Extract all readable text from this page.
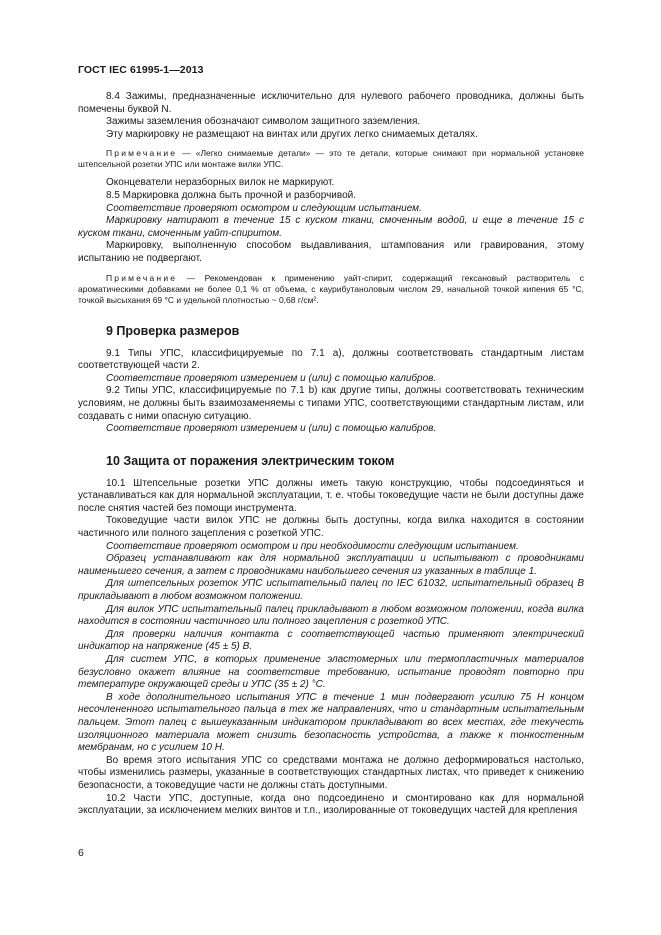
ГОСТ IEC 61995-1—2013

8.4 Зажимы, предназначенные исключительно для нулевого рабочего проводника, должны быть помечены буквой N.

Зажимы заземления обозначают символом защитного заземления.

Эту маркировку не размещают на винтах или других легко снимаемых деталях.

Примечание — «Легко снимаемые детали» — это те детали, которые снимают при нормальной установке штепсельной розетки УПС или монтаже вилки УПС.

Оконцеватели неразборных вилок не маркируют.

8.5 Маркировка должна быть прочной и разборчивой.

Соответствие проверяют осмотром и следующим испытанием.

Маркировку натирают в течение 15 с куском ткани, смоченным водой, и еще в течение 15 с куском ткани, смоченным уайт-спиритом.

Маркировку, выполненную способом выдавливания, штампования или гравирования, этому испытанию не подвергают.

Примечание — Рекомендован к применению уайт-спирит, содержащий гексановый растворитель с ароматическими добавками не более 0,1 % от объема, с каурибутаноловым числом 29, начальной точкой кипения 65 °С, точкой высыхания 69 °С и удельной плотностью ~ 0,68 г/см².

9 Проверка размеров

9.1 Типы УПС, классифицируемые по 7.1 а), должны соответствовать стандартным листам соответствующей части 2.

Соответствие проверяют измерением и (или) с помощью калибров.

9.2 Типы УПС, классифицируемые по 7.1 b) как другие типы, должны соответствовать техническим условиям, не должны быть взаимозаменяемы с типами УПС, соответствующими стандартным листам, или создавать с ними опасную ситуацию.

Соответствие проверяют измерением и (или) с помощью калибров.

10 Защита от поражения электрическим током

10.1 Штепсельные розетки УПС должны иметь такую конструкцию, чтобы подсоединяться и устанавливаться как для нормальной эксплуатации, т. е. чтобы токоведущие части не были доступны даже после снятия частей без помощи инструмента.

Токоведущие части вилок УПС не должны быть доступны, когда вилка находится в состоянии частичного или полного зацепления с розеткой УПС.

Соответствие проверяют осмотром и при необходимости следующим испытанием.

Образец устанавливают как для нормальной эксплуатации и испытывают с проводниками наименьшего сечения, а затем с проводниками наибольшего сечения из указанных в таблице 1.

Для штепсельных розеток УПС испытательный палец по IEC 61032, испытательный образец В прикладывают в любом возможном положении.

Для вилок УПС испытательный палец прикладывают в любом возможном положении, когда вилка находится в состоянии частичного или полного зацепления с розеткой УПС.

Для проверки наличия контакта с соответствующей частью применяют электрический индикатор на напряжение (45 ± 5) В.

Для систем УПС, в которых применение эластомерных или термопластичных материалов безусловно окажет влияние на соответствие требованию, испытание проводят повторно при температуре окружающей среды и УПС (35 ± 2) °С.

В ходе дополнительного испытания УПС в течение 1 мин подвергают усилию 75 Н концом несочлененного испытательного пальца в тех же направлениях, что и стандартным испытательным пальцем. Этот палец с вышеуказанным индикатором прикладывают во всех местах, где текучесть изоляционного материала может снизить безопасность устройства, а также к тонкостенным мембранам, но с усилием 10 Н.

Во время этого испытания УПС со средствами монтажа не должно деформироваться настолько, чтобы изменились размеры, указанные в соответствующих стандартных листах, что приведет к снижению безопасности, а токоведущие части не должны стать доступными.

10.2 Части УПС, доступные, когда оно подсоединено и смонтировано как для нормальной эксплуатации, за исключением мелких винтов и т.п., изолированные от токоведущих частей для крепления

6
